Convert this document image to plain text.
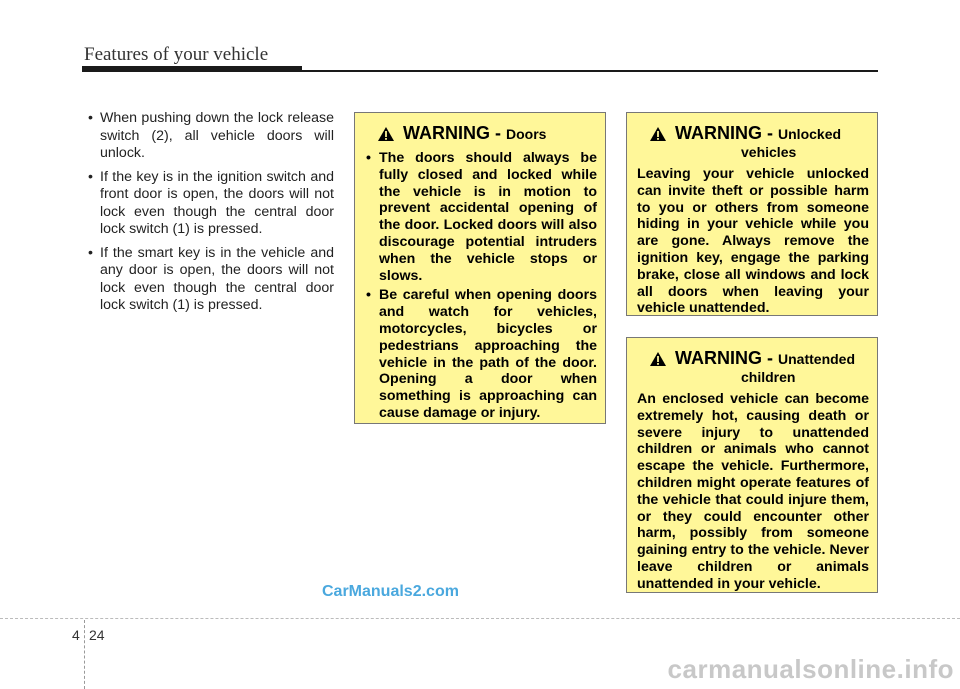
Features of your vehicle
• When pushing down the lock release switch (2), all vehicle doors will unlock.
• If the key is in the ignition switch and front door is open, the doors will not lock even though the central door lock switch (1) is pressed.
• If the smart key is in the vehicle and any door is open, the doors will not lock even though the central door lock switch (1) is pressed.
WARNING - Doors
• The doors should always be fully closed and locked while the vehicle is in motion to prevent accidental opening of the door. Locked doors will also discourage potential intruders when the vehicle stops or slows.
• Be careful when opening doors and watch for vehicles, motorcycles, bicycles or pedestrians approaching the vehicle in the path of the door. Opening a door when something is approaching can cause damage or injury.
WARNING - Unlocked
vehicles

Leaving your vehicle unlocked can invite theft or possible harm to you or others from someone hiding in your vehicle while you are gone. Always remove the ignition key, engage the parking brake, close all windows and lock all doors when leaving your vehicle unattended.

WARNING - Unattended
children

An enclosed vehicle can become extremely hot, causing death or severe injury to unattended children or animals who cannot escape the vehicle. Furthermore, children might operate features of the vehicle that could injure them, or they could encounter other harm, possibly from someone gaining entry to the vehicle. Never leave children or animals unattended in your vehicle.

CarManuals2.com
4 24
carmanualsonline.info
